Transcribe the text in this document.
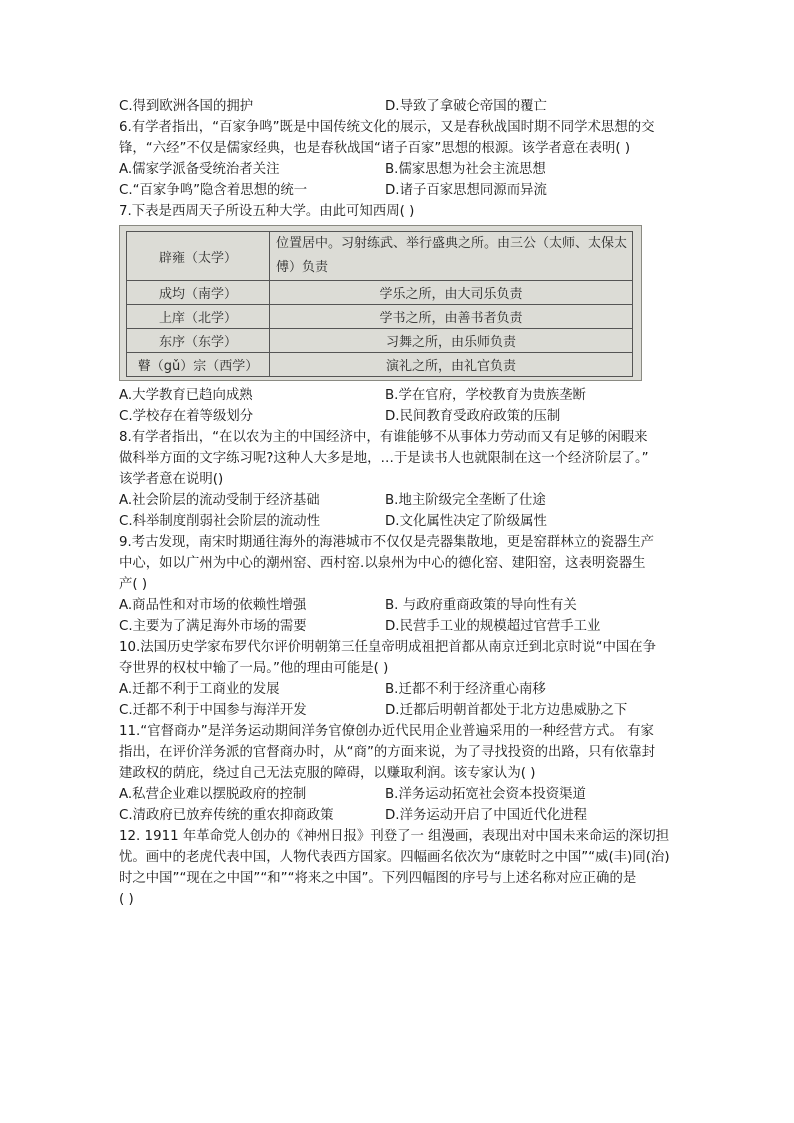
C.得到欧洲各国的拥护	D.导致了拿破仑帝国的覆亡
6.有学者指出，“百家争鸣”既是中国传统文化的展示，又是春秋战国时期不同学术思想的交
锋，“六经”不仅是儒家经典，也是春秋战国“诸子百家”思想的根源。该学者意在表明( )
A.儒家学派备受统治者关注	B.儒家思想为社会主流思想
C.“百家争鸣”隐含着思想的统一	D.诸子百家思想同源而异流
7.下表是西周天子所设五种大学。由此可知西周( )
辟雍（太学）	位置居中。习射练武、举行盛典之所。由三公（太师、太保太傅）负责
成均（南学）	学乐之所，由大司乐负责
上庠（北学）	学书之所，由善书者负责
东序（东学）	习舞之所，由乐师负责
瞽（gǔ）宗（西学）	演礼之所，由礼官负责
A.大学教育已趋向成熟	B.学在官府，学校教育为贵族垄断
C.学校存在着等级划分	D.民间教育受政府政策的压制
8.有学者指出，“在以农为主的中国经济中，有谁能够不从事体力劳动而又有足够的闲暇来
做科举方面的文字练习呢?这种人大多是地，…于是读书人也就限制在这一个经济阶层了。”
该学者意在说明()
A.社会阶层的流动受制于经济基础	B.地主阶级完全垄断了仕途
C.科举制度削弱社会阶层的流动性	D.文化属性决定了阶级属性
9.考古发现，南宋时期通往海外的海港城市不仅仅是壳器集散地，更是窑群林立的瓷器生产
中心，如以广州为中心的潮州窑、西村窑.以泉州为中心的德化窑、建阳窑，这表明瓷器生
产( )
A.商品性和对市场的依赖性增强	B. 与政府重商政策的导向性有关
C.主要为了满足海外市场的需要	D.民营手工业的规模超过官营手工业
10.法国历史学家布罗代尔评价明朝第三任皇帝明成祖把首都从南京迁到北京时说“中国在争
夺世界的权杖中输了一局。”他的理由可能是( )
A.迁都不利于工商业的发展	B.迁都不利于经济重心南移
C.迁都不利于中国参与海洋开发	D.迁都后明朝首都处于北方边患威胁之下
11.“官督商办”是洋务运动期间洋务官僚创办近代民用企业普遍采用的一种经营方式。 有家
指出，在评价洋务派的官督商办时，从“商”的方面来说，为了寻找投资的出路，只有依靠封
建政权的荫庇，绕过自己无法克服的障碍，以赚取利润。该专家认为( )
A.私营企业难以摆脱政府的控制	B.洋务运动拓宽社会资本投资渠道
C.清政府已放弃传统的重农抑商政策	D.洋务运动开启了中国近代化进程
12. 1911 年革命党人创办的《神州日报》刊登了一 组漫画，表现出对中国未来命运的深切担
忧。画中的老虎代表中国，人物代表西方国家。四幅画名依次为“康乾时之中国”“威(丰)同(治)
时之中国”“现在之中国”“和”“将来之中国”。下列四幅图的序号与上述名称对应正确的是
( )
